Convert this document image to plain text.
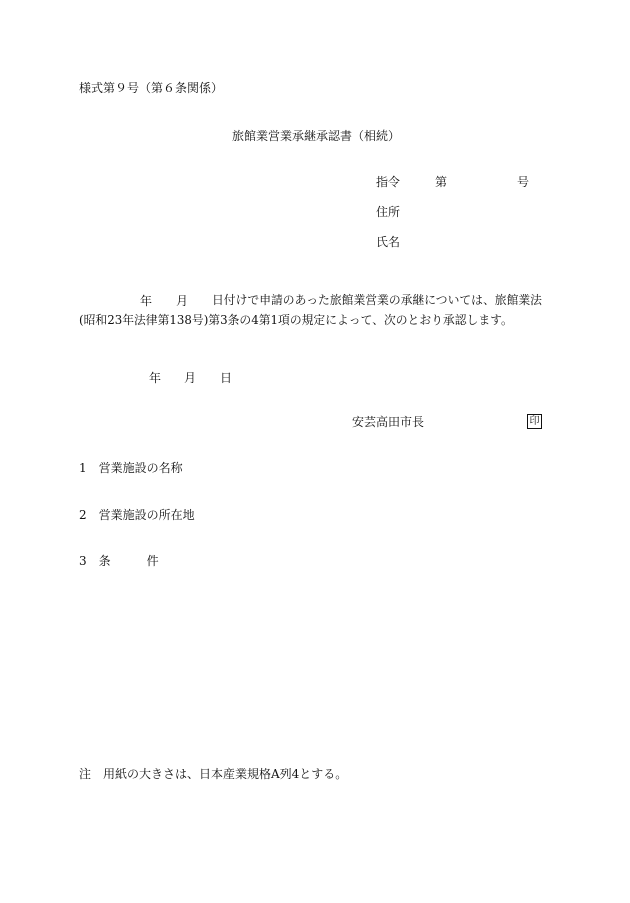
様式第９号（第６条関係）
旅館業営業承継承認書（相続）
指令	第	号
住所
氏名
年 月 日付けで申請のあった旅館業営業の承継については、旅館業法
(昭和23年法律第138号)第3条の4第1項の規定によって、次のとおり承認します。
年 月 日
安芸高田市長	印
1　営業施設の名称
2　営業施設の所在地
3　条　　　件
注　用紙の大きさは、日本産業規格A列4とする。
